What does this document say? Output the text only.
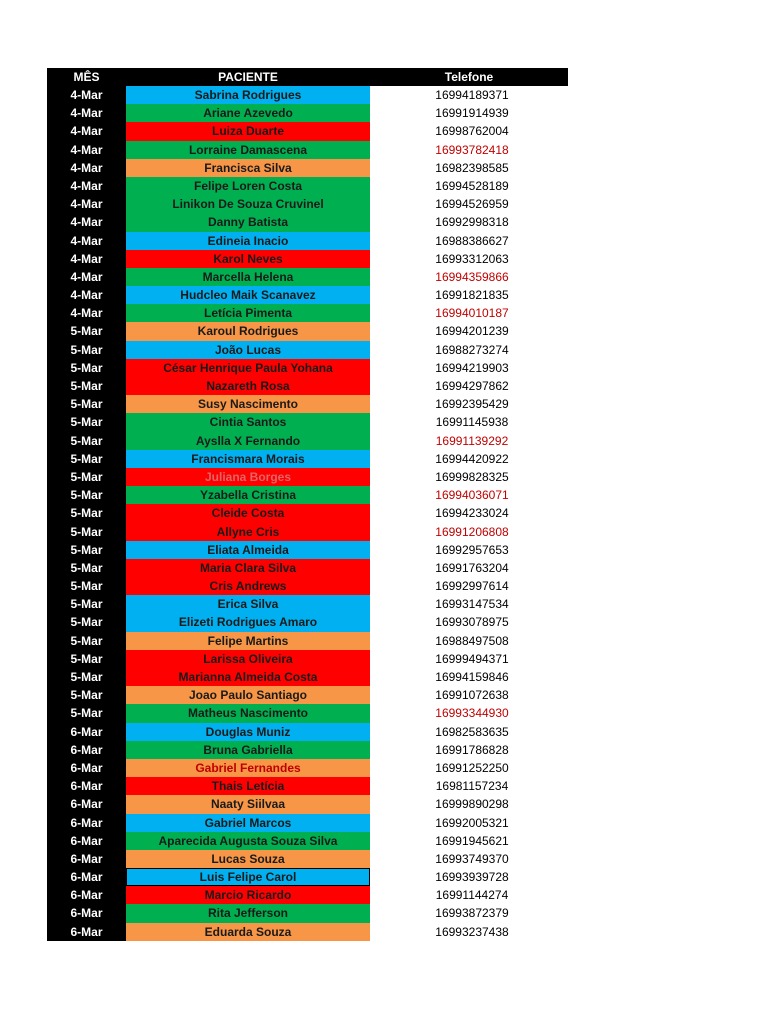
MÊS	PACIENTE	Telefone
4-Mar	Sabrina Rodrigues	16994189371
4-Mar	Ariane Azevedo	16991914939
4-Mar	Luiza Duarte	16998762004
4-Mar	Lorraine Damascena	16993782418
4-Mar	Francisca Silva	16982398585
4-Mar	Felipe Loren Costa	16994528189
4-Mar	Linikon De Souza Cruvinel	16994526959
4-Mar	Danny Batista	16992998318
4-Mar	Edineia Inacio	16988386627
4-Mar	Karol Neves	16993312063
4-Mar	Marcella Helena	16994359866
4-Mar	Hudcleo Maik Scanavez	16991821835
4-Mar	Letícia Pimenta	16994010187
5-Mar	Karoul Rodrigues	16994201239
5-Mar	João Lucas	16988273274
5-Mar	César Henrique Paula Yohana	16994219903
5-Mar	Nazareth Rosa	16994297862
5-Mar	Susy Nascimento	16992395429
5-Mar	Cintia Santos	16991145938
5-Mar	Ayslla X Fernando	16991139292
5-Mar	Francismara Morais	16994420922
5-Mar	Juliana Borges	16999828325
5-Mar	Yzabella Cristina	16994036071
5-Mar	Cleide Costa	16994233024
5-Mar	Allyne Cris	16991206808
5-Mar	Eliata Almeida	16992957653
5-Mar	Maria Clara Silva	16991763204
5-Mar	Cris Andrews	16992997614
5-Mar	Erica Silva	16993147534
5-Mar	Elizeti Rodrigues Amaro	16993078975
5-Mar	Felipe Martins	16988497508
5-Mar	Larissa Oliveira	16999494371
5-Mar	Marianna Almeida Costa	16994159846
5-Mar	Joao Paulo Santiago	16991072638
5-Mar	Matheus Nascimento	16993344930
6-Mar	Douglas Muniz	16982583635
6-Mar	Bruna Gabriella	16991786828
6-Mar	Gabriel Fernandes	16991252250
6-Mar	Thais Letícia	16981157234
6-Mar	Naaty Siilvaa	16999890298
6-Mar	Gabriel Marcos	16992005321
6-Mar	Aparecida Augusta Souza Silva	16991945621
6-Mar	Lucas Souza	16993749370
6-Mar	Luis Felipe Carol	16993939728
6-Mar	Marcio Ricardo	16991144274
6-Mar	Rita Jefferson	16993872379
6-Mar	Eduarda Souza	16993237438
